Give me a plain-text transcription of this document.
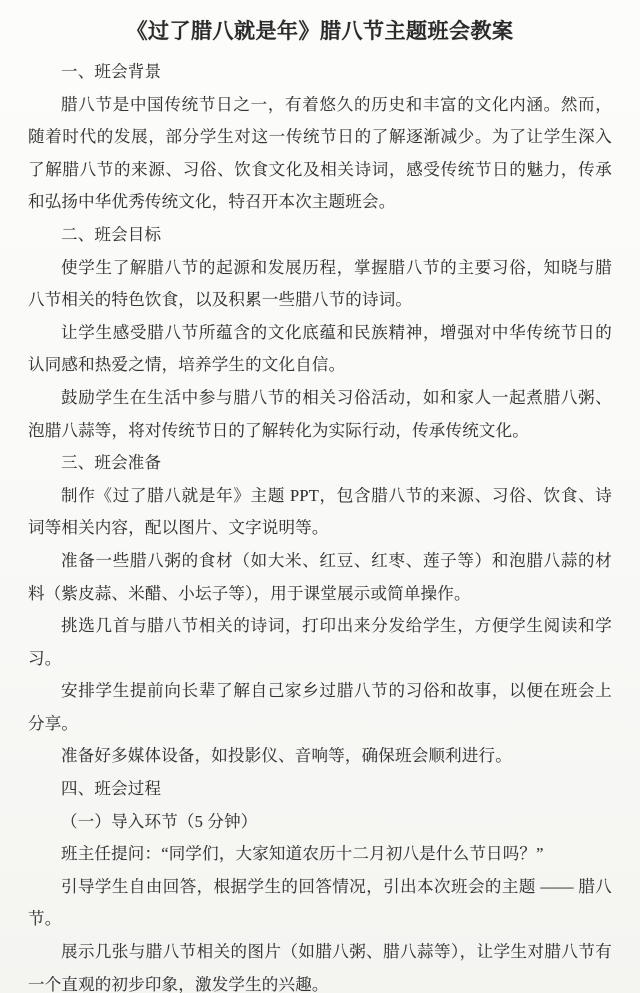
《过了腊八就是年》腊八节主题班会教案

一、班会背景

腊八节是中国传统节日之一，有着悠久的历史和丰富的文化内涵。然而，随着时代的发展，部分学生对这一传统节日的了解逐渐减少。为了让学生深入了解腊八节的来源、习俗、饮食文化及相关诗词，感受传统节日的魅力，传承和弘扬中华优秀传统文化，特召开本次主题班会。

二、班会目标

使学生了解腊八节的起源和发展历程，掌握腊八节的主要习俗，知晓与腊八节相关的特色饮食，以及积累一些腊八节的诗词。

让学生感受腊八节所蕴含的文化底蕴和民族精神，增强对中华传统节日的认同感和热爱之情，培养学生的文化自信。

鼓励学生在生活中参与腊八节的相关习俗活动，如和家人一起煮腊八粥、泡腊八蒜等，将对传统节日的了解转化为实际行动，传承传统文化。

三、班会准备

制作《过了腊八就是年》主题 PPT，包含腊八节的来源、习俗、饮食、诗词等相关内容，配以图片、文字说明等。

准备一些腊八粥的食材（如大米、红豆、红枣、莲子等）和泡腊八蒜的材料（紫皮蒜、米醋、小坛子等），用于课堂展示或简单操作。

挑选几首与腊八节相关的诗词，打印出来分发给学生，方便学生阅读和学习。

安排学生提前向长辈了解自己家乡过腊八节的习俗和故事，以便在班会上分享。

准备好多媒体设备，如投影仪、音响等，确保班会顺利进行。

四、班会过程

（一）导入环节（5 分钟）

班主任提问：“同学们，大家知道农历十二月初八是什么节日吗？”

引导学生自由回答，根据学生的回答情况，引出本次班会的主题 —— 腊八节。

展示几张与腊八节相关的图片（如腊八粥、腊八蒜等），让学生对腊八节有一个直观的初步印象，激发学生的兴趣。
